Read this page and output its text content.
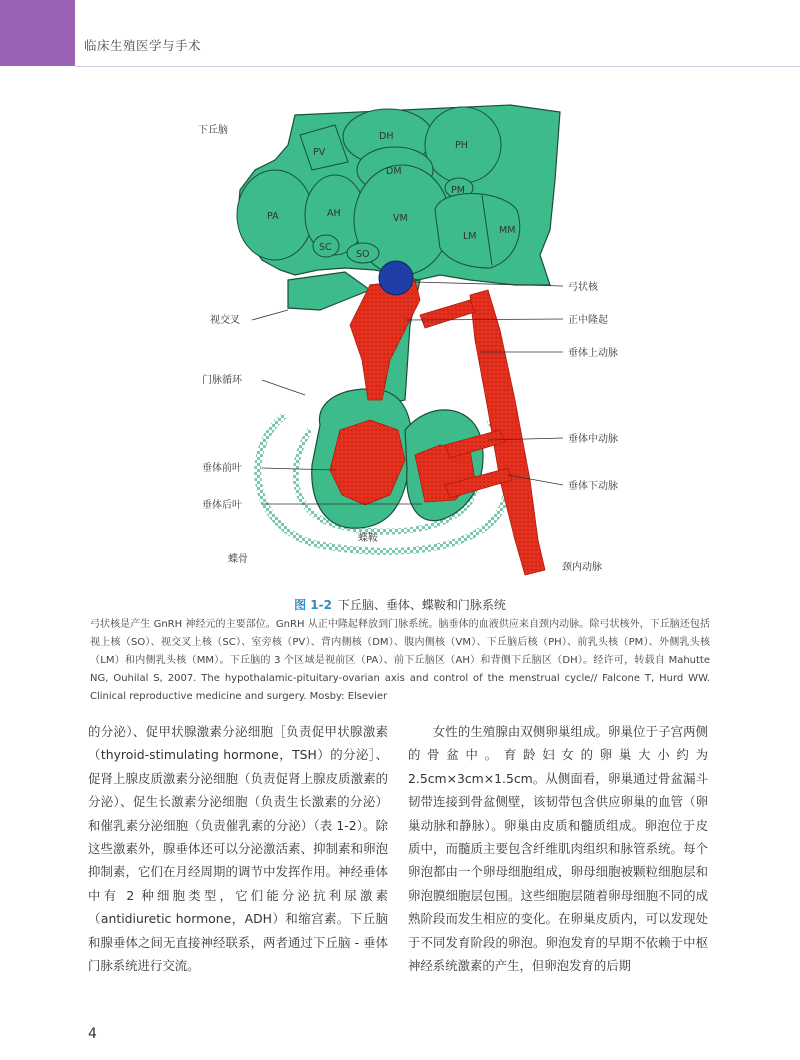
临床生殖医学与手术
DH
PV
PH
DM
PM
PA	AH	VM
LM
MM
SC
SO
下丘脑
弓状核
视交叉	正中隆起
垂体上动脉
门脉循环
垂体中动脉
垂体前叶
垂体下动脉
垂体后叶
蝶鞍
蝶骨
颈内动脉
图 1-2 下丘脑、垂体、蝶鞍和门脉系统
弓状核是产生 GnRH 神经元的主要部位。GnRH 从正中隆起释放到门脉系统。脑垂体的血液供应来自颈内动脉。除弓状核外，下丘脑还包括视上核（SO）、视交叉上核（SC）、室旁核（PV）、背内侧核（DM）、腹内侧核（VM）、下丘脑后核（PH）、前乳头核（PM）、外侧乳头核（LM）和内侧乳头核（MM）。下丘脑的 3 个区域是视前区（PA）、前下丘脑区（AH）和背侧下丘脑区（DH）。经许可，转载自 Mahutte NG, Ouhilal S, 2007. The hypothalamic-pituitary-ovarian axis and control of the menstrual cycle// Falcone T, Hurd WW. Clinical reproductive medicine and surgery. Mosby: Elsevier
的分泌）、促甲状腺激素分泌细胞［负责促甲状腺激素（thyroid-stimulating hormone，TSH）的分泌］、促肾上腺皮质激素分泌细胞（负责促肾上腺皮质激素的分泌）、促生长激素分泌细胞（负责生长激素的分泌）和催乳素分泌细胞（负责催乳素的分泌）（表 1-2）。除这些激素外，腺垂体还可以分泌激活素、抑制素和卵泡抑制素，它们在月经周期的调节中发挥作用。神经垂体中有 2 种细胞类型，它们能分泌抗利尿激素（antidiuretic hormone，ADH）和缩宫素。下丘脑和腺垂体之间无直接神经联系，两者通过下丘脑 - 垂体门脉系统进行交流。
女性的生殖腺由双侧卵巢组成。卵巢位于子宫两侧的骨盆中。育龄妇女的卵巢大小约为 2.5cm×3cm×1.5cm。从侧面看，卵巢通过骨盆漏斗韧带连接到骨盆侧壁，该韧带包含供应卵巢的血管（卵巢动脉和静脉）。卵巢由皮质和髓质组成。卵泡位于皮质中，而髓质主要包含纤维肌肉组织和脉管系统。每个卵泡都由一个卵母细胞组成，卵母细胞被颗粒细胞层和卵泡膜细胞层包围。这些细胞层随着卵母细胞不同的成熟阶段而发生相应的变化。在卵巢皮质内，可以发现处于不同发育阶段的卵泡。卵泡发育的早期不依赖于中枢神经系统激素的产生，但卵泡发育的后期
4
